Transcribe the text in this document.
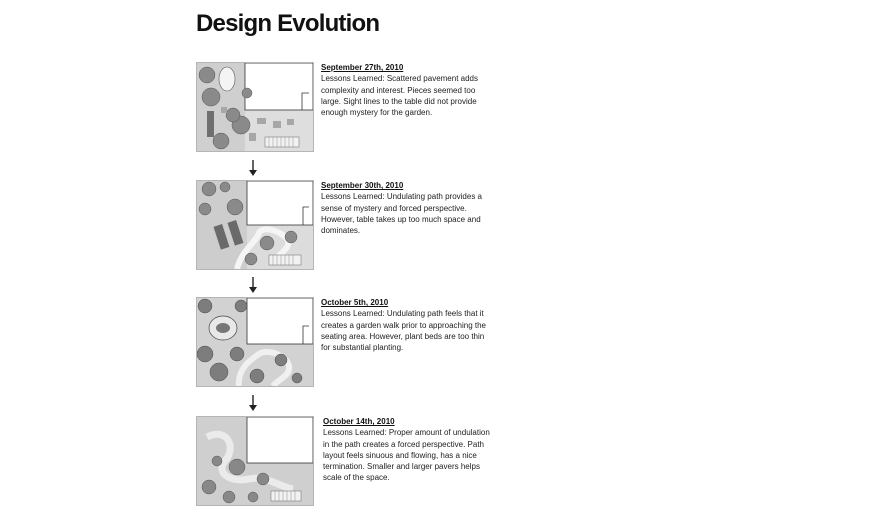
Design Evolution
September 27th, 2010
Lessons Learned: Scattered pavement adds complexity and interest. Pieces seemed too large. Sight lines to the table did not provide enough mystery for the garden.
September 30th, 2010
Lessons Learned: Undulating path provides a sense of mystery and forced perspective. However, table takes up too much space and dominates.
October 5th, 2010
Lessons Learned: Undulating path feels that it creates a garden walk prior to approaching the seating area. However, plant beds are too thin for substantial planting.
October 14th, 2010
Lessons Learned: Proper amount of undulation in the path creates a forced perspective. Path layout feels sinuous and flowing, has a nice termination. Smaller and larger pavers helps scale of the space.
